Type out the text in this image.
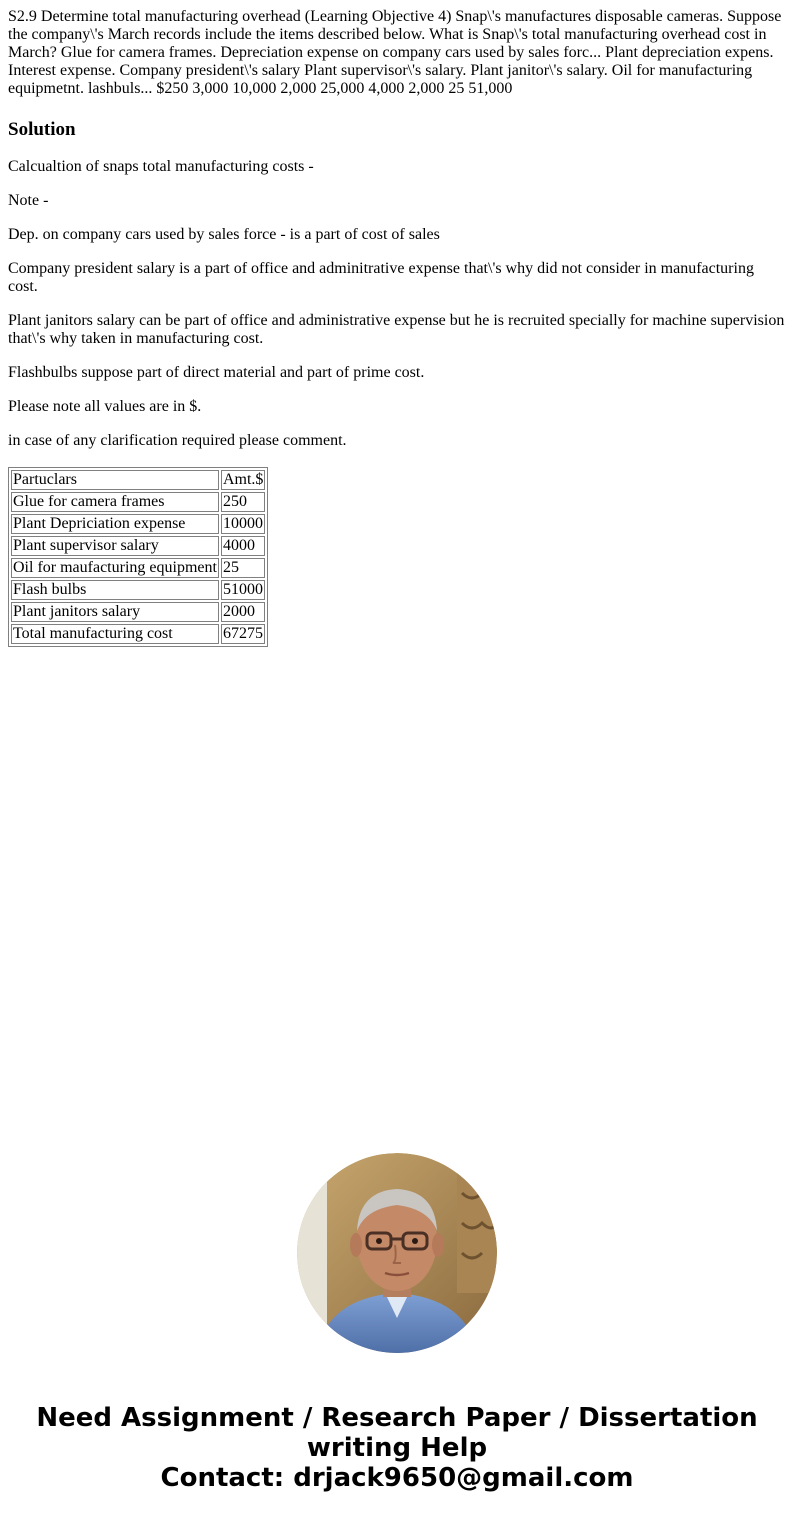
S2.9 Determine total manufacturing overhead (Learning Objective 4) Snap\'s manufactures disposable cameras. Suppose the company\'s March records include the items described below. What is Snap\'s total manufacturing overhead cost in March? Glue for camera frames. Depreciation expense on company cars used by sales forc... Plant depreciation expens. Interest expense. Company president\'s salary Plant supervisor\'s salary. Plant janitor\'s salary. Oil for manufacturing equipmetnt. lashbuls... $250 3,000 10,000 2,000 25,000 4,000 2,000 25 51,000

Solution

Calcualtion of snaps total manufacturing costs -

Note -

Dep. on company cars used by sales force - is a part of cost of sales

Company president salary is a part of office and adminitrative expense that\'s why did not consider in manufacturing cost.

Plant janitors salary can be part of office and administrative expense but he is recruited specially for machine supervision that\'s why taken in manufacturing cost.

Flashbulbs suppose part of direct material and part of prime cost.

Please note all values are in $.

in case of any clarification required please comment.

Partuclars	Amt.$
Glue for camera frames	250
Plant Depriciation expense	10000
Plant supervisor salary	4000
Oil for maufacturing equipment	25
Flash bulbs	51000
Plant janitors salary	2000
Total manufacturing cost	67275
Need Assignment / Research Paper / Dissertation
writing Help
Contact: drjack9650@gmail.com
